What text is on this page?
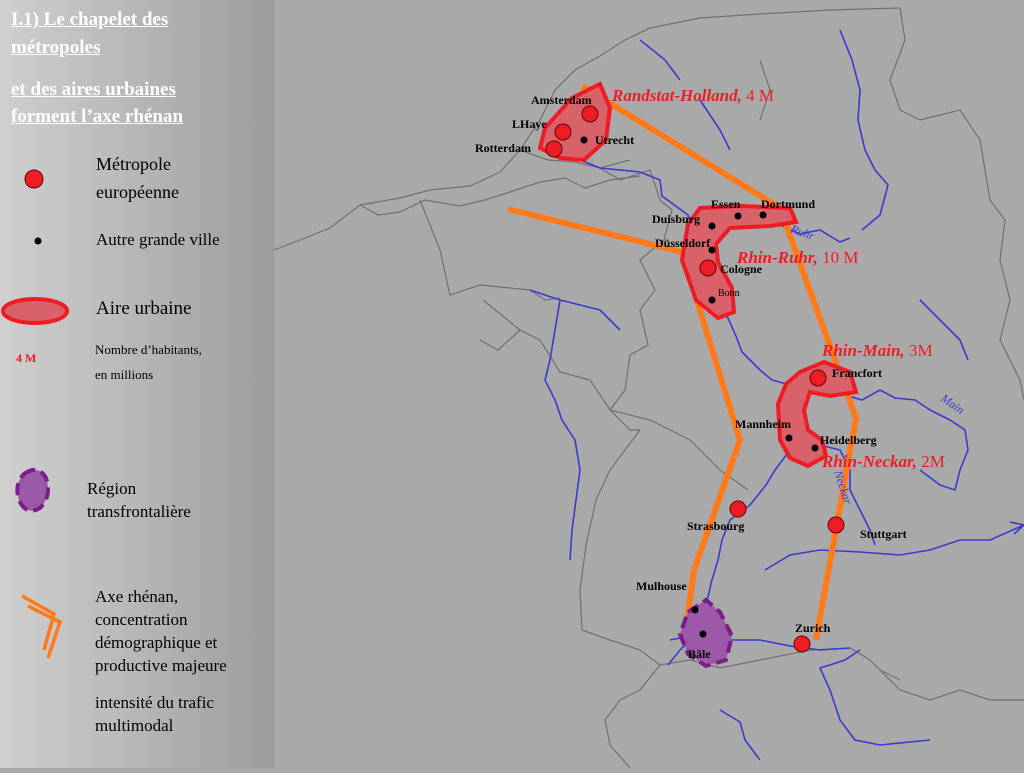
I.1) Le chapelet des
métropoles
et des aires urbaines
forment l’axe rhénan
Métropole
européenne
Autre grande ville
Aire urbaine
4 M
Nombre d’habitants,
en millions
Région
transfrontalière
Axe rhénan,
concentration
démographique et
productive majeure
intensité du trafic
multimodal
Amsterdam
LHaye
Rotterdam
Utrecht
Essen Dortmund
Duisburg
Düsseldorf
Cologne
Bonn
Francfort
Mannheim
Heidelberg
Strasbourg
Stuttgart
Mulhouse
Bâle
Zurich
Randstat-Holland, 4 M
Rhin-Ruhr, 10 M
Rhin-Main, 3M
Rhin-Neckar, 2M
Ruhr
Main
Neckar
